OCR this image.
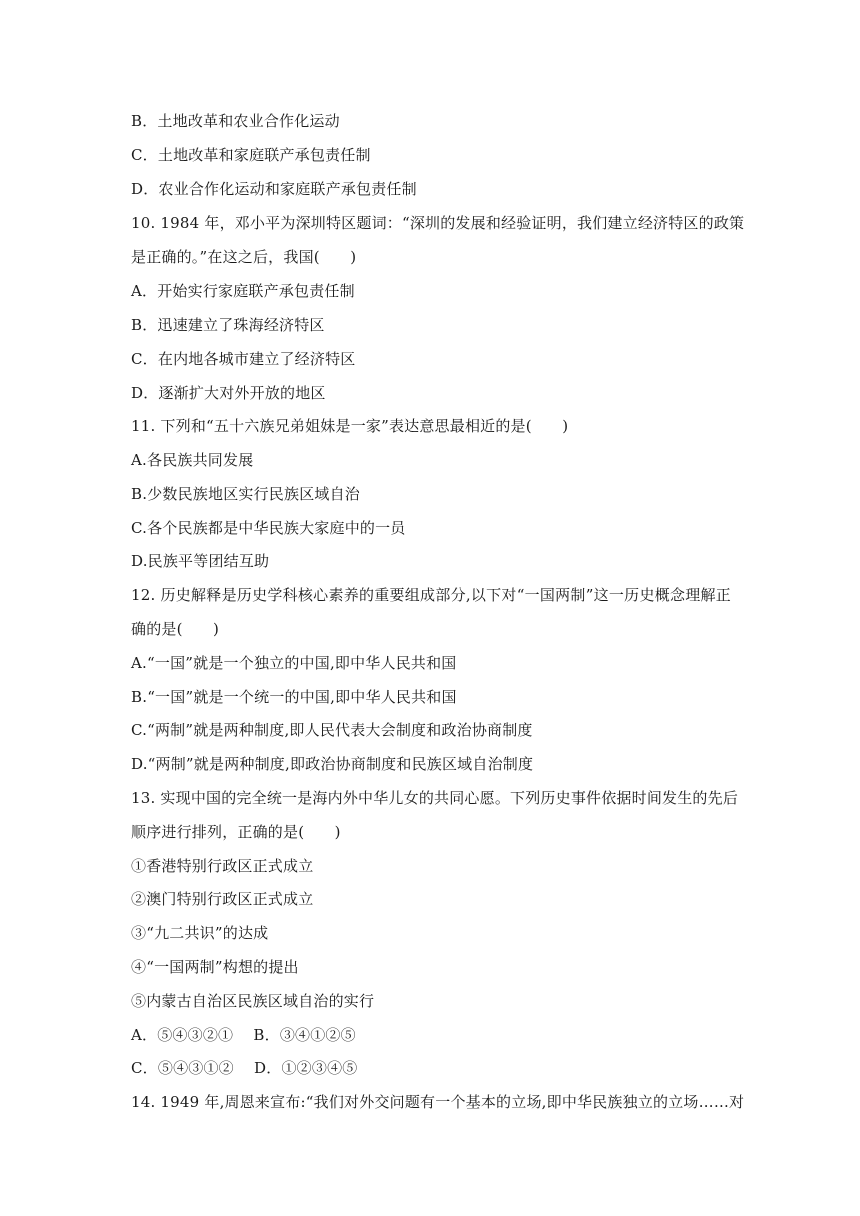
B．土地改革和农业合作化运动
C．土地改革和家庭联产承包责任制
D．农业合作化运动和家庭联产承包责任制
10. 1984 年，邓小平为深圳特区题词：“深圳的发展和经验证明，我们建立经济特区的政策
是正确的。”在这之后，我国(　　)
A．开始实行家庭联产承包责任制
B．迅速建立了珠海经济特区
C．在内地各城市建立了经济特区
D．逐渐扩大对外开放的地区
11. 下列和“五十六族兄弟姐妹是一家”表达意思最相近的是(　　)
A.各民族共同发展
B.少数民族地区实行民族区域自治
C.各个民族都是中华民族大家庭中的一员
D.民族平等团结互助
12. 历史解释是历史学科核心素养的重要组成部分,以下对“一国两制”这一历史概念理解正
确的是(　　)
A.“一国”就是一个独立的中国,即中华人民共和国
B.“一国”就是一个统一的中国,即中华人民共和国
C.“两制”就是两种制度,即人民代表大会制度和政治协商制度
D.“两制”就是两种制度,即政治协商制度和民族区域自治制度
13. 实现中国的完全统一是海内外中华儿女的共同心愿。下列历史事件依据时间发生的先后
顺序进行排列，正确的是(　　)
①香港特别行政区正式成立
②澳门特别行政区正式成立
③“九二共识”的达成
④“一国两制”构想的提出
⑤内蒙古自治区民族区域自治的实行
A．⑤④③②①　 B．③④①②⑤
C．⑤④③①②　 D．①②③④⑤
14. 1949 年,周恩来宣布:“我们对外交问题有一个基本的立场,即中华民族独立的立场……对
